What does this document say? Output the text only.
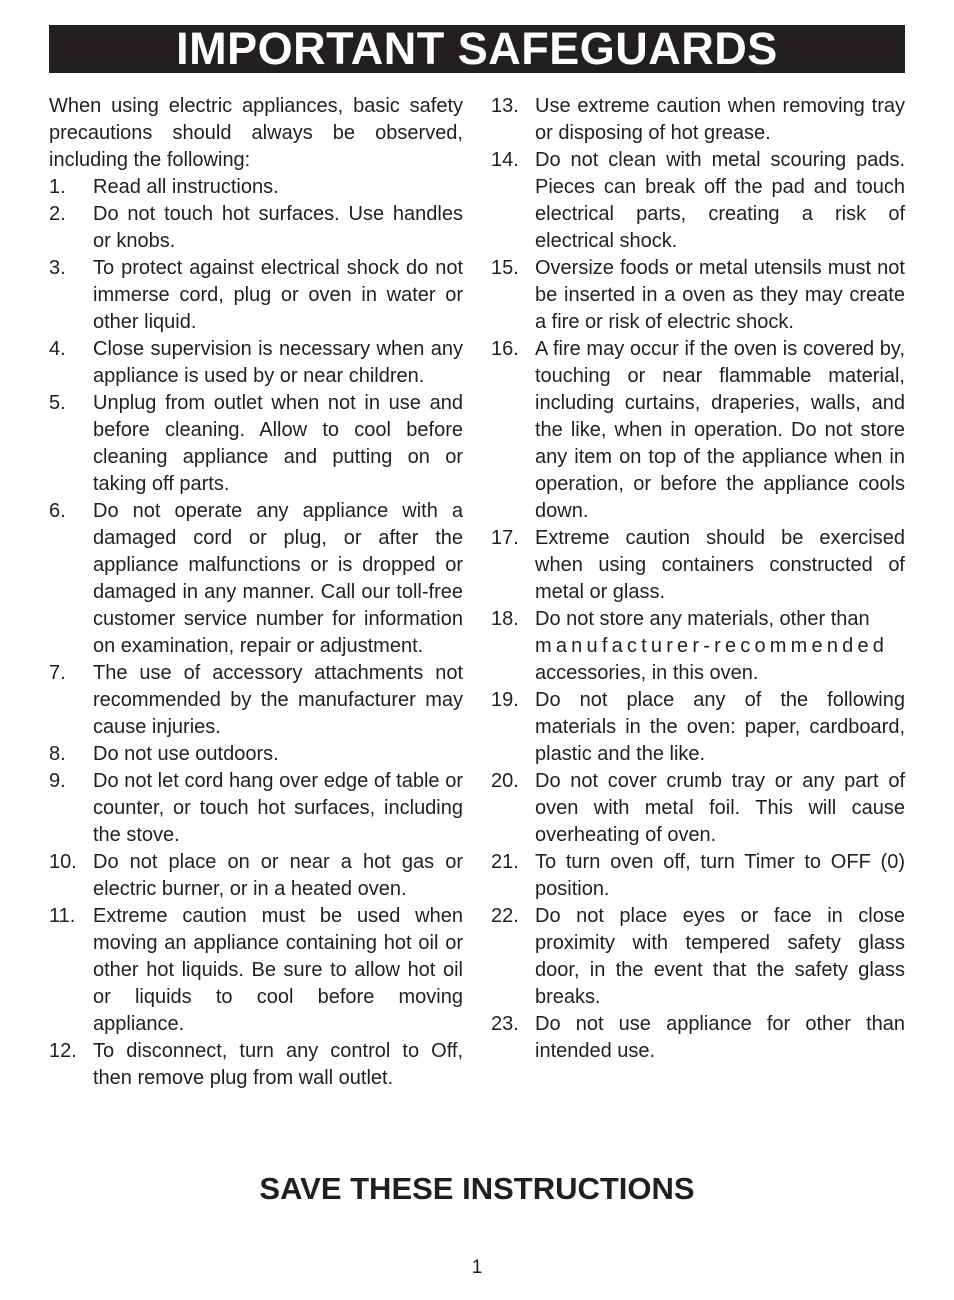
IMPORTANT SAFEGUARDS

When using electric appliances, basic safety precautions should always be observed, including the following:

1. Read all instructions.
2. Do not touch hot surfaces. Use handles or knobs.
3. To protect against electrical shock do not immerse cord, plug or oven in water or other liquid.
4. Close supervision is necessary when any appliance is used by or near children.
5. Unplug from outlet when not in use and before cleaning. Allow to cool before cleaning appliance and putting on or taking off parts.
6. Do not operate any appliance with a damaged cord or plug, or after the appliance malfunctions or is dropped or damaged in any manner. Call our toll-free customer service number for information on examination, repair or adjustment.
7. The use of accessory attachments not recommended by the manufacturer may cause injuries.
8. Do not use outdoors.
9. Do not let cord hang over edge of table or counter, or touch hot surfaces, including the stove.
10. Do not place on or near a hot gas or electric burner, or in a heated oven.
11. Extreme caution must be used when moving an appliance containing hot oil or other hot liquids. Be sure to allow hot oil or liquids to cool before moving appliance.
12. To disconnect, turn any control to Off, then remove plug from wall outlet.
13. Use extreme caution when removing tray or disposing of hot grease.
14. Do not clean with metal scouring pads. Pieces can break off the pad and touch electrical parts, creating a risk of electrical shock.
15. Oversize foods or metal utensils must not be inserted in a oven as they may create a fire or risk of electric shock.
16. A fire may occur if the oven is covered by, touching or near flammable material, including curtains, draperies, walls, and the like, when in operation. Do not store any item on top of the appliance when in operation, or before the appliance cools down.
17. Extreme caution should be exercised when using containers constructed of metal or glass.
18. Do not store any materials, other than
manufacturer-recommended
accessories, in this oven.
19. Do not place any of the following materials in the oven: paper, cardboard, plastic and the like.
20. Do not cover crumb tray or any part of oven with metal foil. This will cause overheating of oven.
21. To turn oven off, turn Timer to OFF (0) position.
22. Do not place eyes or face in close proximity with tempered safety glass door, in the event that the safety glass breaks.
23. Do not use appliance for other than intended use.
SAVE THESE INSTRUCTIONS
1
